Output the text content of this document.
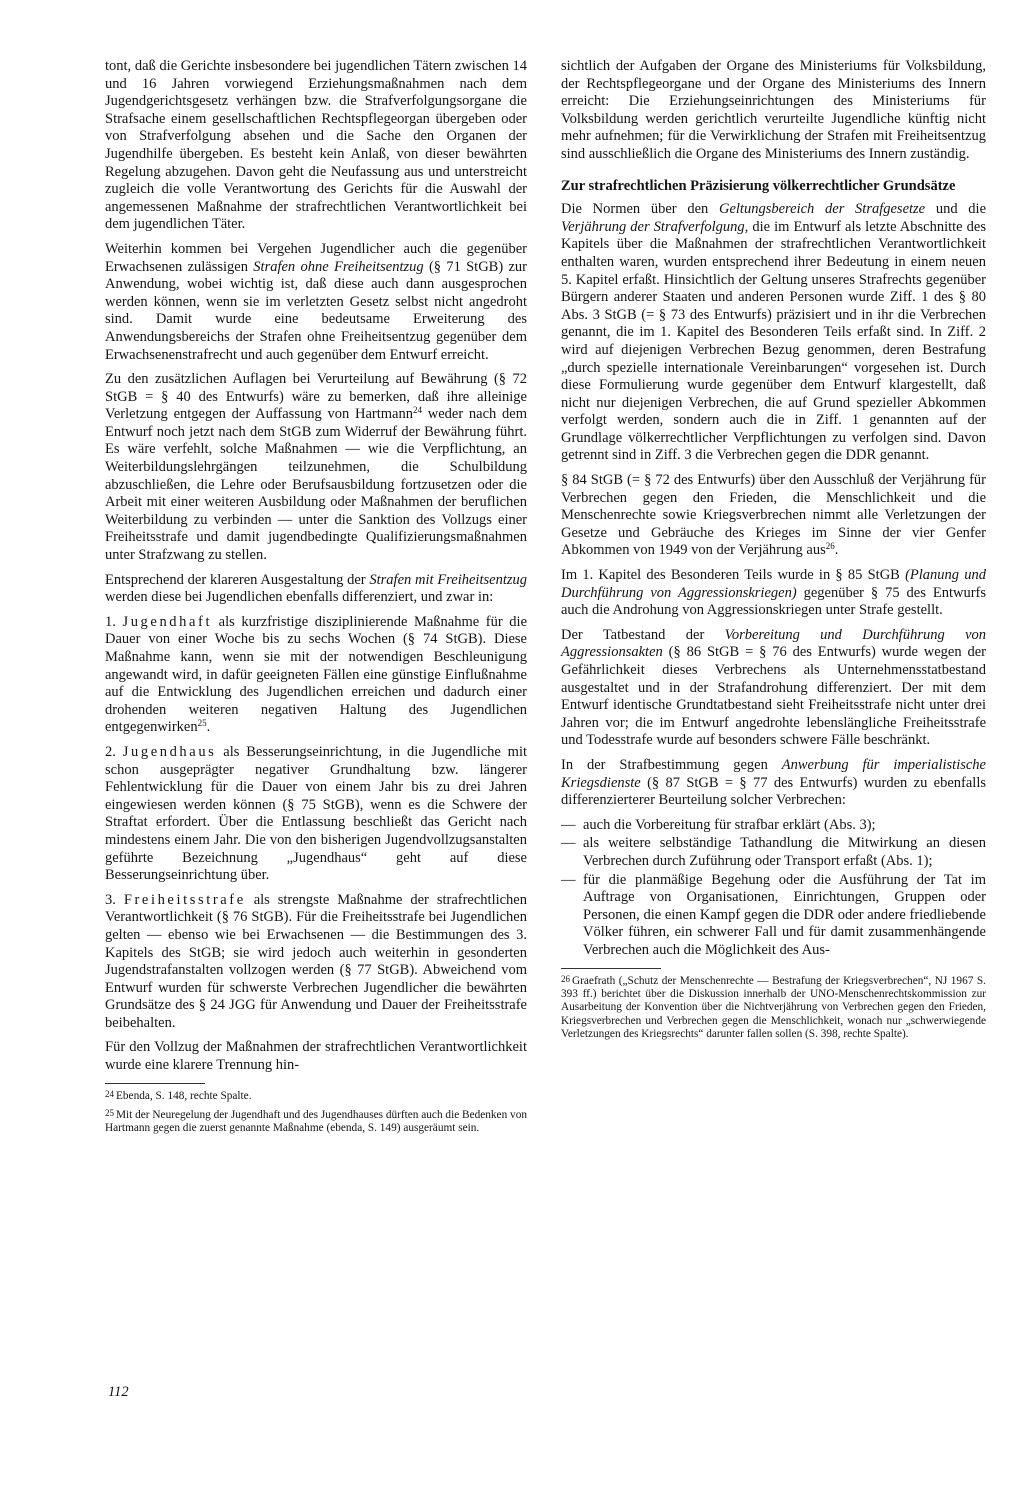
tont, daß die Gerichte insbesondere bei jugendlichen Tätern zwischen 14 und 16 Jahren vorwiegend Erziehungsmaßnahmen nach dem Jugendgerichtsgesetz verhängen bzw. die Strafverfolgungsorgane die Strafsache einem gesellschaftlichen Rechtspflegeorgan übergeben oder von Strafverfolgung absehen und die Sache den Organen der Jugendhilfe übergeben. Es besteht kein Anlaß, von dieser bewährten Regelung abzugehen. Davon geht die Neufassung aus und unterstreicht zugleich die volle Verantwortung des Gerichts für die Auswahl der angemessenen Maßnahme der strafrechtlichen Verantwortlichkeit bei dem jugendlichen Täter.

Weiterhin kommen bei Vergehen Jugendlicher auch die gegenüber Erwachsenen zulässigen Strafen ohne Freiheitsentzug (§ 71 StGB) zur Anwendung, wobei wichtig ist, daß diese auch dann ausgesprochen werden können, wenn sie im verletzten Gesetz selbst nicht angedroht sind. Damit wurde eine bedeutsame Erweiterung des Anwendungsbereichs der Strafen ohne Freiheitsentzug gegenüber dem Erwachsenenstrafrecht und auch gegenüber dem Entwurf erreicht.

Zu den zusätzlichen Auflagen bei Verurteilung auf Bewährung (§ 72 StGB = § 40 des Entwurfs) wäre zu bemerken, daß ihre alleinige Verletzung entgegen der Auffassung von Hartmann$^{24}$ weder nach dem Entwurf noch jetzt nach dem StGB zum Widerruf der Bewährung führt. Es wäre verfehlt, solche Maßnahmen — wie die Verpflichtung, an Weiterbildungslehrgängen teilzunehmen, die Schulbildung abzuschließen, die Lehre oder Berufsausbildung fortzusetzen oder die Arbeit mit einer weiteren Ausbildung oder Maßnahmen der beruflichen Weiterbildung zu verbinden — unter die Sanktion des Vollzugs einer Freiheitsstrafe und damit jugendbedingte Qualifizierungsmaßnahmen unter Strafzwang zu stellen.

Entsprechend der klareren Ausgestaltung der Strafen mit Freiheitsentzug werden diese bei Jugendlichen ebenfalls differenziert, und zwar in:

1. Jugendhaft als kurzfristige disziplinierende Maßnahme für die Dauer von einer Woche bis zu sechs Wochen (§ 74 StGB). Diese Maßnahme kann, wenn sie mit der notwendigen Beschleunigung angewandt wird, in dafür geeigneten Fällen eine günstige Einflußnahme auf die Entwicklung des Jugendlichen erreichen und dadurch einer drohenden weiteren negativen Haltung des Jugendlichen entgegenwirken$^{25}$.

2. Jugendhaus als Besserungseinrichtung, in die Jugendliche mit schon ausgeprägter negativer Grundhaltung bzw. längerer Fehlentwicklung für die Dauer von einem Jahr bis zu drei Jahren eingewiesen werden können (§ 75 StGB), wenn es die Schwere der Straftat erfordert. Über die Entlassung beschließt das Gericht nach mindestens einem Jahr. Die von den bisherigen Jugendvollzugsanstalten geführte Bezeichnung „Jugendhaus“ geht auf diese Besserungseinrichtung über.

3. Freiheitsstrafe als strengste Maßnahme der strafrechtlichen Verantwortlichkeit (§ 76 StGB). Für die Freiheitsstrafe bei Jugendlichen gelten — ebenso wie bei Erwachsenen — die Bestimmungen des 3. Kapitels des StGB; sie wird jedoch auch weiterhin in gesonderten Jugendstrafanstalten vollzogen werden (§ 77 StGB). Abweichend vom Entwurf wurden für schwerste Verbrechen Jugendlicher die bewährten Grundsätze des § 24 JGG für Anwendung und Dauer der Freiheitsstrafe beibehalten.

Für den Vollzug der Maßnahmen der strafrechtlichen Verantwortlichkeit wurde eine klarere Trennung hin-

24 Ebenda, S. 148, rechte Spalte.

25 Mit der Neuregelung der Jugendhaft und des Jugendhauses dürften auch die Bedenken von Hartmann gegen die zuerst genannte Maßnahme (ebenda, S. 149) ausgeräumt sein.

sichtlich der Aufgaben der Organe des Ministeriums für Volksbildung, der Rechtspflegeorgane und der Organe des Ministeriums des Innern erreicht: Die Erziehungseinrichtungen des Ministeriums für Volksbildung werden gerichtlich verurteilte Jugendliche künftig nicht mehr aufnehmen; für die Verwirklichung der Strafen mit Freiheitsentzug sind ausschließlich die Organe des Ministeriums des Innern zuständig.

Zur strafrechtlichen Präzisierung völkerrechtlicher Grundsätze

Die Normen über den Geltungsbereich der Strafgesetze und die Verjährung der Strafverfolgung, die im Entwurf als letzte Abschnitte des Kapitels über die Maßnahmen der strafrechtlichen Verantwortlichkeit enthalten waren, wurden entsprechend ihrer Bedeutung in einem neuen 5. Kapitel erfaßt. Hinsichtlich der Geltung unseres Strafrechts gegenüber Bürgern anderer Staaten und anderen Personen wurde Ziff. 1 des § 80 Abs. 3 StGB (= § 73 des Entwurfs) präzisiert und in ihr die Verbrechen genannt, die im 1. Kapitel des Besonderen Teils erfaßt sind. In Ziff. 2 wird auf diejenigen Verbrechen Bezug genommen, deren Bestrafung „durch spezielle internationale Vereinbarungen“ vorgesehen ist. Durch diese Formulierung wurde gegenüber dem Entwurf klargestellt, daß nicht nur diejenigen Verbrechen, die auf Grund spezieller Abkommen verfolgt werden, sondern auch die in Ziff. 1 genannten auf der Grundlage völkerrechtlicher Verpflichtungen zu verfolgen sind. Davon getrennt sind in Ziff. 3 die Verbrechen gegen die DDR genannt.

§ 84 StGB (= § 72 des Entwurfs) über den Ausschluß der Verjährung für Verbrechen gegen den Frieden, die Menschlichkeit und die Menschenrechte sowie Kriegsverbrechen nimmt alle Verletzungen der Gesetze und Gebräuche des Krieges im Sinne der vier Genfer Abkommen von 1949 von der Verjährung aus$^{26}$.

Im 1. Kapitel des Besonderen Teils wurde in § 85 StGB (Planung und Durchführung von Aggressionskriegen) gegenüber § 75 des Entwurfs auch die Androhung von Aggressionskriegen unter Strafe gestellt.

Der Tatbestand der Vorbereitung und Durchführung von Aggressionsakten (§ 86 StGB = § 76 des Entwurfs) wurde wegen der Gefährlichkeit dieses Verbrechens als Unternehmensstatbestand ausgestaltet und in der Strafandrohung differenziert. Der mit dem Entwurf identische Grundtatbestand sieht Freiheitsstrafe nicht unter drei Jahren vor; die im Entwurf angedrohte lebenslängliche Freiheitsstrafe und Todesstrafe wurde auf besonders schwere Fälle beschränkt.

In der Strafbestimmung gegen Anwerbung für imperialistische Kriegsdienste (§ 87 StGB = § 77 des Entwurfs) wurden zu ebenfalls differenzierterer Beurteilung solcher Verbrechen:

— auch die Vorbereitung für strafbar erklärt (Abs. 3);
— als weitere selbständige Tathandlung die Mitwirkung an diesen Verbrechen durch Zuführung oder Transport erfaßt (Abs. 1);
— für die planmäßige Begehung oder die Ausführung der Tat im Auftrage von Organisationen, Einrichtungen, Gruppen oder Personen, die einen Kampf gegen die DDR oder andere friedliebende Völker führen, ein schwerer Fall und für damit zusammenhängende Verbrechen auch die Möglichkeit des Aus-

26 Graefrath („Schutz der Menschenrechte — Bestrafung der Kriegsverbrechen“, NJ 1967 S. 393 ff.) berichtet über die Diskussion innerhalb der UNO-Menschenrechtskommission zur Ausarbeitung der Konvention über die Nichtverjährung von Verbrechen gegen den Frieden, Kriegsverbrechen und Verbrechen gegen die Menschlichkeit, wonach nur „schwerwiegende Verletzungen des Kriegsrechts“ darunter fallen sollen (S. 398, rechte Spalte).

112
